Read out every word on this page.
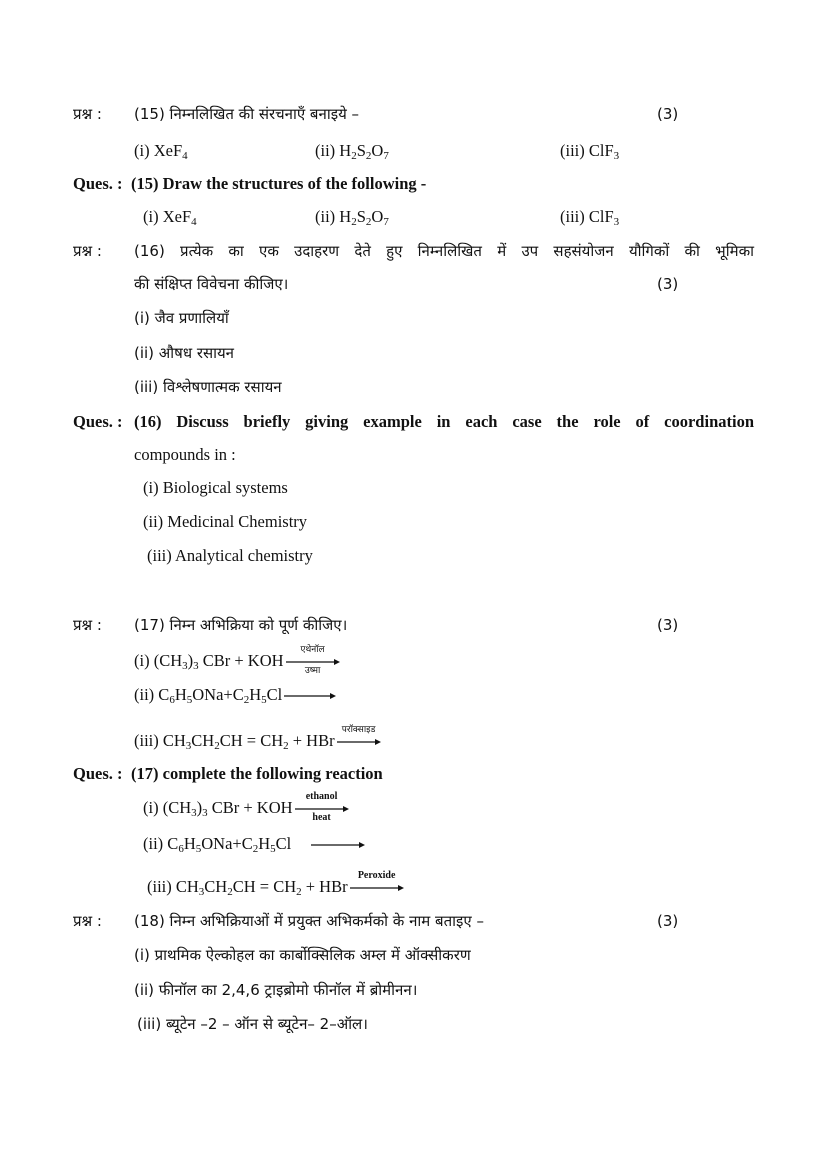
प्रश्न : (15) निम्नलिखित की संरचनाएँ बनाइये –	(3)
(i) XeF$_4$	(ii) $H_2S_2O_7$	(iii) ClF$_3$
Ques. : (15) Draw the structures of the following -
(i) XeF$_4$	(ii) $H_2S_2O_7$	(iii) ClF$_3$
प्रश्न : (16) प्रत्येक का एक उदाहरण देते हुए निम्नलिखित में उप सहसंयोजन यौगिकों की भूमिका
की संक्षिप्त विवेचना कीजिए।	(3)
(i) जैव प्रणालियाँ
(ii) औषध रसायन
(iii) विश्लेषणात्मक रसायन
Ques. : (16) Discuss briefly giving example in each case the role of coordination
compounds in :
(i) Biological systems
(ii) Medicinal Chemistry
(iii) Analytical chemistry
प्रश्न : (17) निम्न अभिक्रिया को पूर्ण कीजिए।	(3)
(i) $(CH_3)_3$ CBr + KOH
एथेनॉल
उष्मा
(ii) $C_6H_5ONa+C_2H_5Cl$ →
(iii) $CH_3CH_2CH = CH_2$ + HBr
परॉक्साइड
Ques. : (17) complete the following reaction
(i) $(CH_3)_3$ CBr + KOH
ethanol
heat
(ii) $C_6H_5ONa+C_2H_5Cl$ →
(iii) $CH_3CH_2CH = CH_2$ + HBr
Peroxide
प्रश्न : (18) निम्न अभिक्रियाओं में प्रयुक्त अभिकर्मको के नाम बताइए –	(3)
(i) प्राथमिक ऐल्कोहल का कार्बोक्सिलिक अम्ल में ऑक्सीकरण
(ii) फीनॉल का 2,4,6 ट्राइब्रोमो फीनॉल में ब्रोमीनन।
(iii) ब्यूटेन –2 – ऑन से ब्यूटेन– 2–ऑल।
